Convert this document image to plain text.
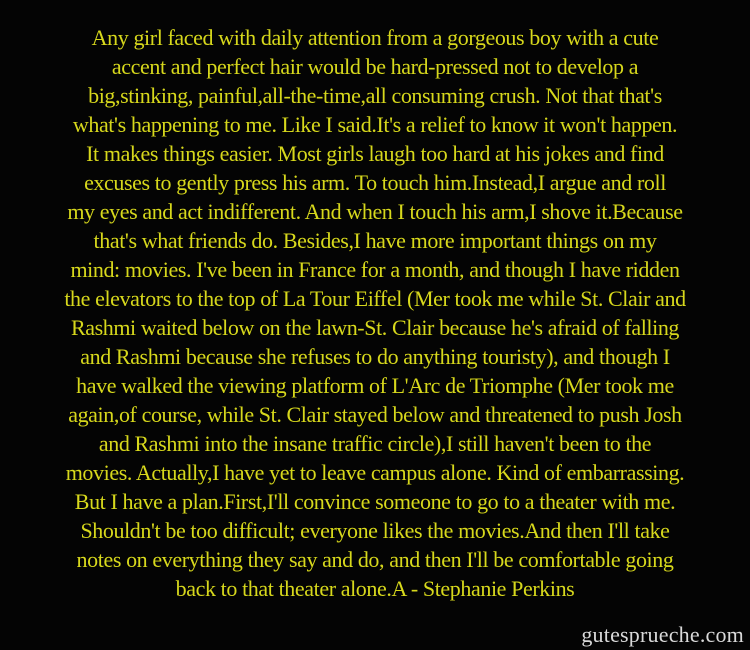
Any girl faced with daily attention from a gorgeous boy with a cute
accent and perfect hair would be hard-pressed not to develop a
big,stinking, painful,all-the-time,all consuming crush. Not that that's
what's happening to me. Like I said.It's a relief to know it won't happen.
It makes things easier. Most girls laugh too hard at his jokes and find
excuses to gently press his arm. To touch him.Instead,I argue and roll
my eyes and act indifferent. And when I touch his arm,I shove it.Because
that's what friends do. Besides,I have more important things on my
mind: movies. I've been in France for a month, and though I have ridden
the elevators to the top of La Tour Eiffel (Mer took me while St. Clair and
Rashmi waited below on the lawn-St. Clair because he's afraid of falling
and Rashmi because she refuses to do anything touristy), and though I
have walked the viewing platform of L'Arc de Triomphe (Mer took me
again,of course, while St. Clair stayed below and threatened to push Josh
and Rashmi into the insane traffic circle),I still haven't been to the
movies. Actually,I have yet to leave campus alone. Kind of embarrassing.
But I have a plan.First,I'll convince someone to go to a theater with me.
Shouldn't be too difficult; everyone likes the movies.And then I'll take
notes on everything they say and do, and then I'll be comfortable going
back to that theater alone.A - Stephanie Perkins
gutesprueche.com
